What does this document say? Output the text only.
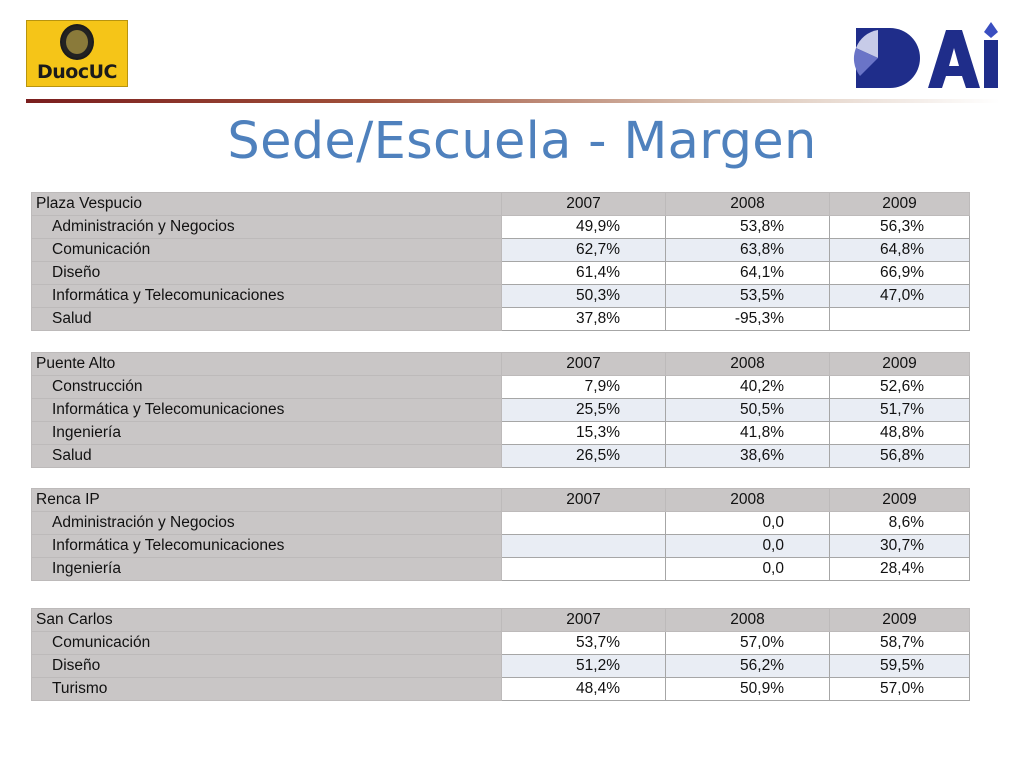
DuocUC
Sede/Escuela - Margen
Plaza Vespucio	2007	2008	2009
Administración y Negocios	49,9%	53,8%	56,3%
Comunicación	62,7%	63,8%	64,8%
Diseño	61,4%	64,1%	66,9%
Informática y Telecomunicaciones	50,3%	53,5%	47,0%
Salud	37,8%	-95,3%	
Puente Alto	2007	2008	2009
Construcción	7,9%	40,2%	52,6%
Informática y Telecomunicaciones	25,5%	50,5%	51,7%
Ingeniería	15,3%	41,8%	48,8%
Salud	26,5%	38,6%	56,8%
Renca IP	2007	2008	2009
Administración y Negocios		0,0	8,6%
Informática y Telecomunicaciones		0,0	30,7%
Ingeniería		0,0	28,4%
San Carlos	2007	2008	2009
Comunicación	53,7%	57,0%	58,7%
Diseño	51,2%	56,2%	59,5%
Turismo	48,4%	50,9%	57,0%
